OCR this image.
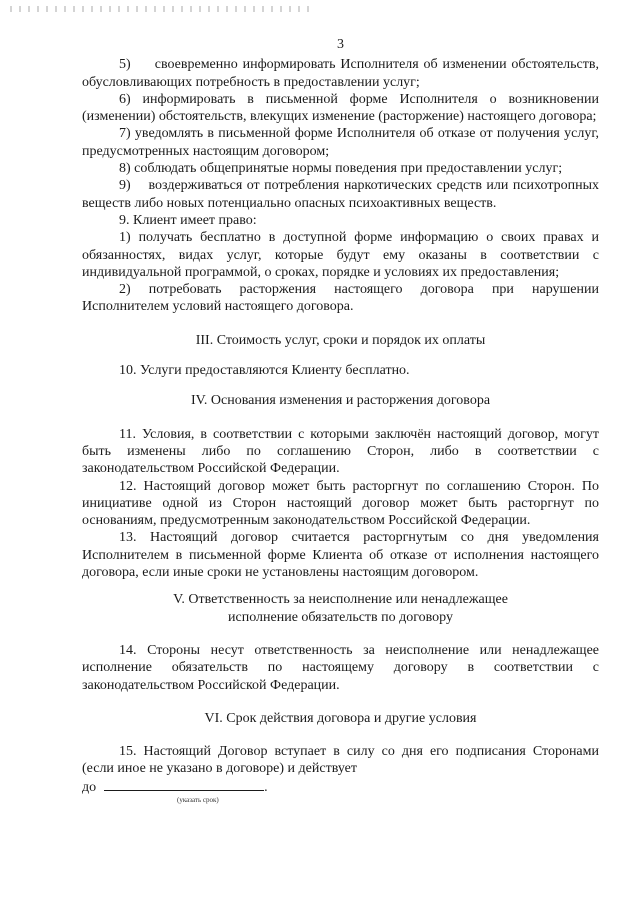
3

5)     своевременно информировать Исполнителя об изменении обстоятельств, обусловливающих потребность в предоставлении услуг;

6) информировать в письменной форме Исполнителя о возникновении (изменении) обстоятельств, влекущих изменение (расторжение) настоящего договора;

7) уведомлять в письменной форме Исполнителя об отказе от получения услуг, предусмотренных настоящим договором;

8) соблюдать общепринятые нормы поведения при предоставлении услуг;

9)    воздерживаться от потребления наркотических средств или психотропных веществ либо новых потенциально опасных психоактивных веществ.

9. Клиент имеет право:

1) получать бесплатно в доступной форме информацию о своих правах и обязанностях, видах услуг, которые будут ему оказаны в соответствии с индивидуальной программой, о сроках, порядке и условиях их предоставления;

2) потребовать расторжения настоящего договора при нарушении Исполнителем условий настоящего договора.

III. Стоимость услуг, сроки и порядок их оплаты

10. Услуги предоставляются Клиенту бесплатно.

IV. Основания изменения и расторжения договора

11. Условия, в соответствии с которыми заключён настоящий договор, могут быть изменены либо по соглашению Сторон, либо в соответствии с законодательством Российской Федерации.

12. Настоящий договор может быть расторгнут по соглашению Сторон. По инициативе одной из Сторон настоящий договор может быть расторгнут по основаниям, предусмотренным законодательством Российской Федерации.

13. Настоящий договор считается расторгнутым со дня уведомления Исполнителем в письменной форме Клиента об отказе от исполнения настоящего договора, если иные сроки не установлены настоящим договором.

V. Ответственность за неисполнение или ненадлежащее

исполнение обязательств по договору

14. Стороны несут ответственность за неисполнение или ненадлежащее исполнение обязательств по настоящему договору в соответствии с законодательством Российской Федерации.

VI. Срок действия договора и другие условия

15. Настоящий Договор вступает в силу со дня его подписания Сторонами (если иное не указано в договоре) и действует

до	.

(указать срок)
